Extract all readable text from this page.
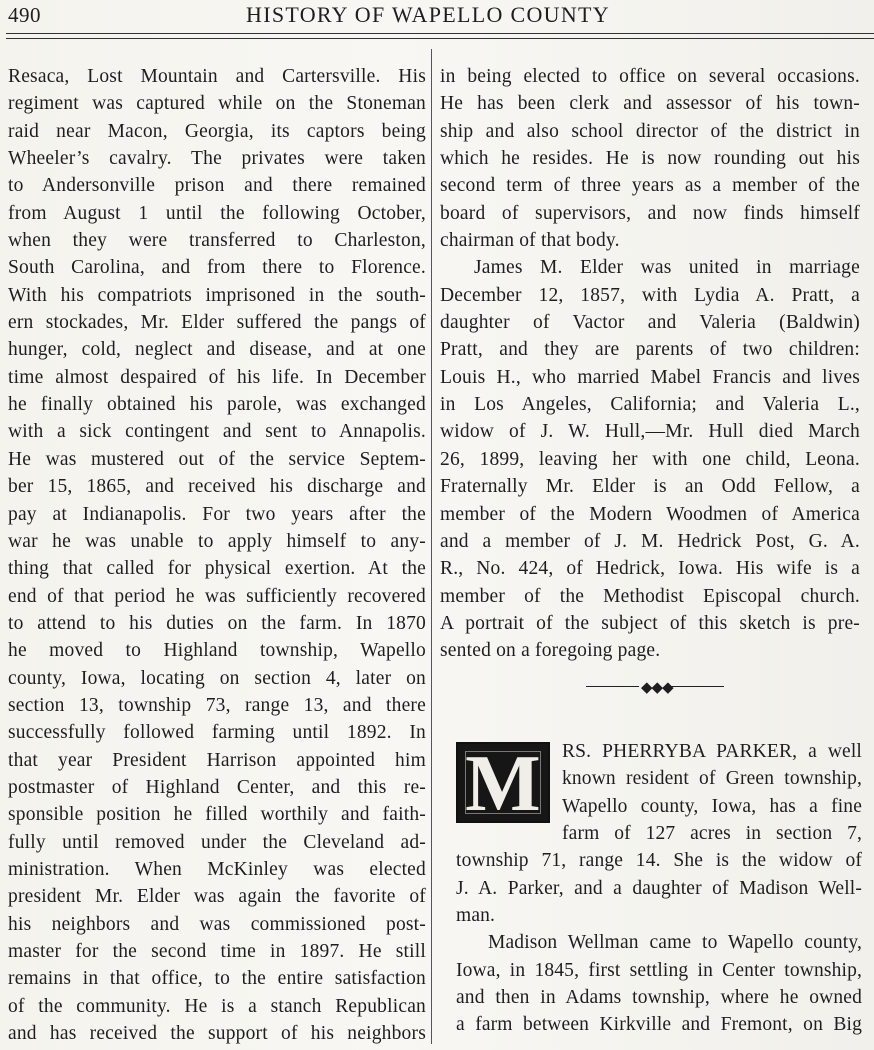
490	HISTORY OF WAPELLO COUNTY
Resaca, Lost Mountain and Cartersville. His
regiment was captured while on the Stoneman
raid near Macon, Georgia, its captors being
Wheeler’s cavalry. The privates were taken
to Andersonville prison and there remained
from August 1 until the following October,
when they were transferred to Charleston,
South Carolina, and from there to Florence.
With his compatriots imprisoned in the south-
ern stockades, Mr. Elder suffered the pangs of
hunger, cold, neglect and disease, and at one
time almost despaired of his life. In December
he finally obtained his parole, was exchanged
with a sick contingent and sent to Annapolis.
He was mustered out of the service Septem-
ber 15, 1865, and received his discharge and
pay at Indianapolis. For two years after the
war he was unable to apply himself to any-
thing that called for physical exertion. At the
end of that period he was sufficiently recovered
to attend to his duties on the farm. In 1870
he moved to Highland township, Wapello
county, Iowa, locating on section 4, later on
section 13, township 73, range 13, and there
successfully followed farming until 1892. In
that year President Harrison appointed him
postmaster of Highland Center, and this re-
sponsible position he filled worthily and faith-
fully until removed under the Cleveland ad-
ministration. When McKinley was elected
president Mr. Elder was again the favorite of
his neighbors and was commissioned post-
master for the second time in 1897. He still
remains in that office, to the entire satisfaction
of the community. He is a stanch Republican
and has received the support of his neighbors
in being elected to office on several occasions.
He has been clerk and assessor of his town-
ship and also school director of the district in
which he resides. He is now rounding out his
second term of three years as a member of the
board of supervisors, and now finds himself
chairman of that body.
James M. Elder was united in marriage
December 12, 1857, with Lydia A. Pratt, a
daughter of Vactor and Valeria (Baldwin)
Pratt, and they are parents of two children:
Louis H., who married Mabel Francis and lives
in Los Angeles, California; and Valeria L.,
widow of J. W. Hull,—Mr. Hull died March
26, 1899, leaving her with one child, Leona.
Fraternally Mr. Elder is an Odd Fellow, a
member of the Modern Woodmen of America
and a member of J. M. Hedrick Post, G. A.
R., No. 424, of Hedrick, Iowa. His wife is a
member of the Methodist Episcopal church.
A portrait of the subject of this sketch is pre-
sented on a foregoing page.
◆◆◆
M	RS. PHERRYBA PARKER, a well
known resident of Green township,
Wapello county, Iowa, has a fine
farm of 127 acres in section 7,
township 71, range 14. She is the widow of
J. A. Parker, and a daughter of Madison Well-
man.
Madison Wellman came to Wapello county,
Iowa, in 1845, first settling in Center township,
and then in Adams township, where he owned
a farm between Kirkville and Fremont, on Big
